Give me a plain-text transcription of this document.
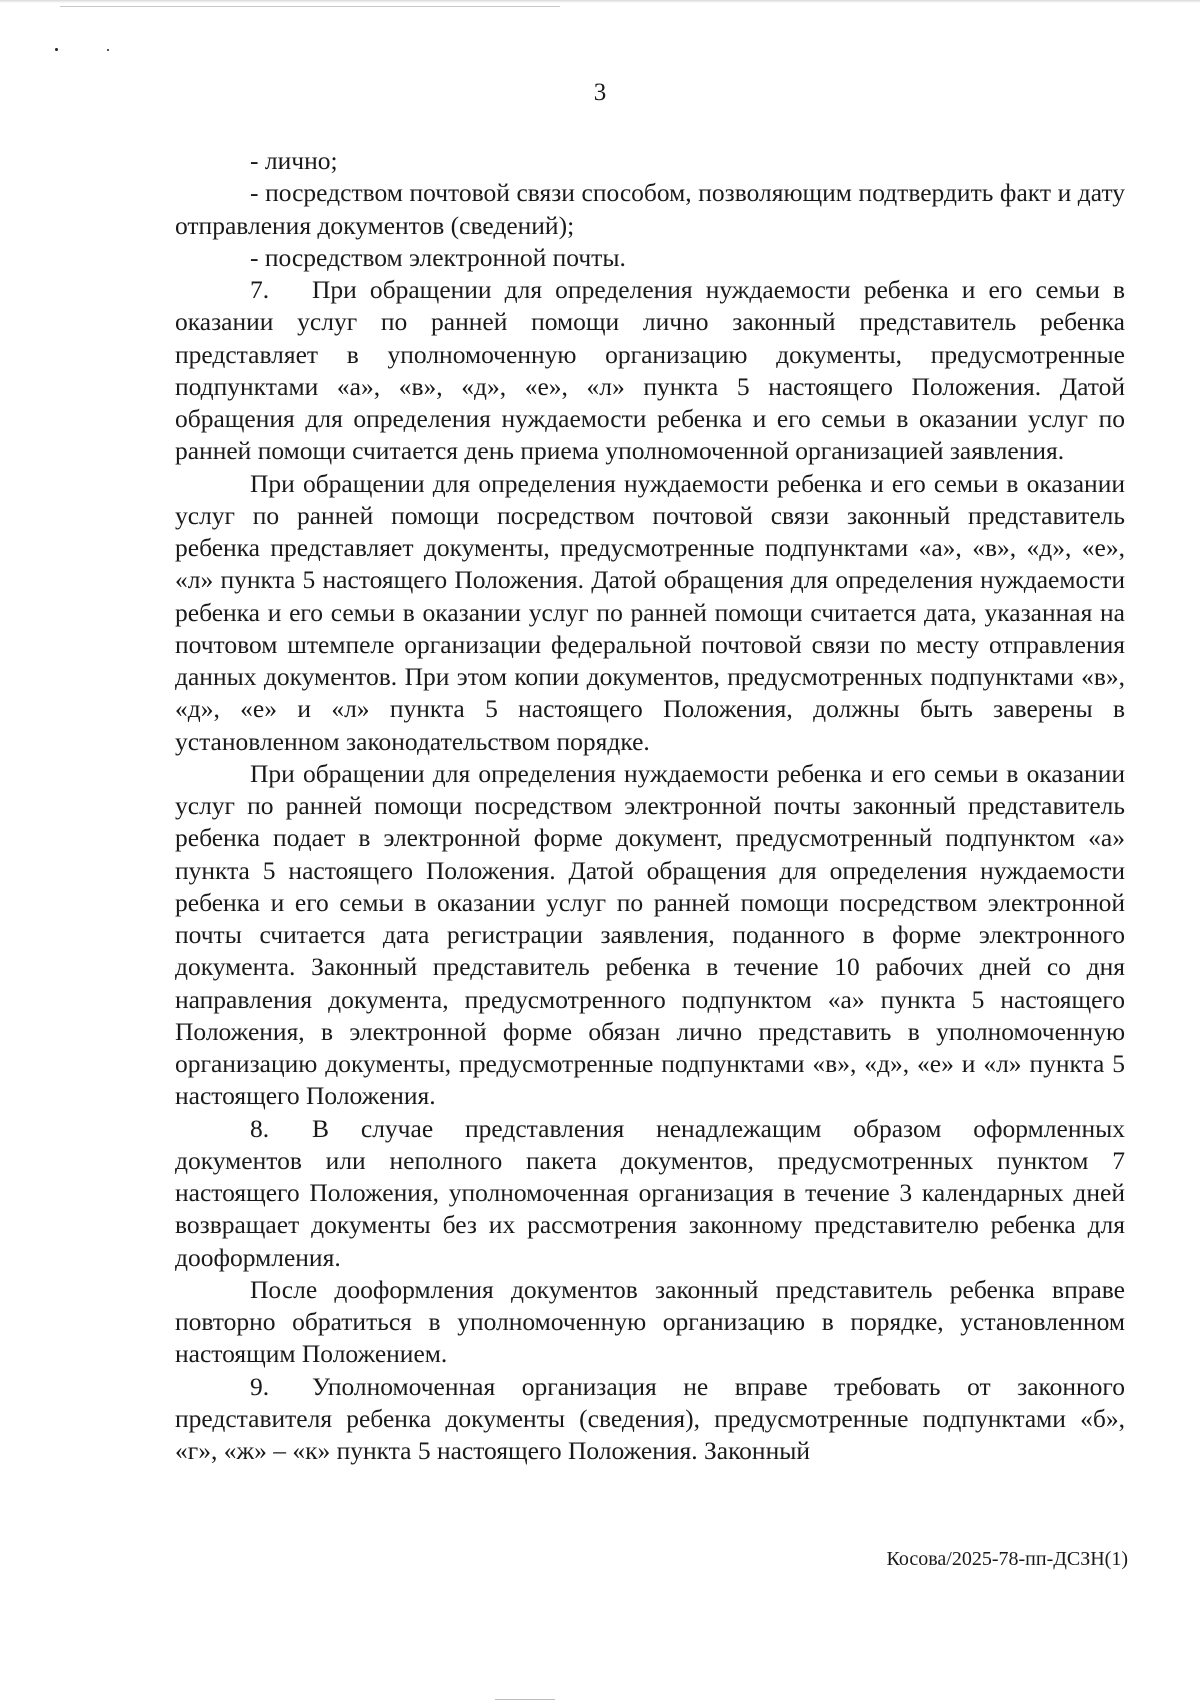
3

- лично;

- посредством почтовой связи способом, позволяющим подтвердить факт и дату отправления документов (сведений);

- посредством электронной почты.

7. При обращении для определения нуждаемости ребенка и его семьи в оказании услуг по ранней помощи лично законный представитель ребенка представляет в уполномоченную организацию документы, предусмотренные подпунктами «а», «в», «д», «е», «л» пункта 5 настоящего Положения. Датой обращения для определения нуждаемости ребенка и его семьи в оказании услуг по ранней помощи считается день приема уполномоченной организацией заявления.

При обращении для определения нуждаемости ребенка и его семьи в оказании услуг по ранней помощи посредством почтовой связи законный представитель ребенка представляет документы, предусмотренные подпунктами «а», «в», «д», «е», «л» пункта 5 настоящего Положения. Датой обращения для определения нуждаемости ребенка и его семьи в оказании услуг по ранней помощи считается дата, указанная на почтовом штемпеле организации федеральной почтовой связи по месту отправления данных документов. При этом копии документов, предусмотренных подпунктами «в», «д», «е» и «л» пункта 5 настоящего Положения, должны быть заверены в установленном законодательством порядке.

При обращении для определения нуждаемости ребенка и его семьи в оказании услуг по ранней помощи посредством электронной почты законный представитель ребенка подает в электронной форме документ, предусмотренный подпунктом «а» пункта 5 настоящего Положения. Датой обращения для определения нуждаемости ребенка и его семьи в оказании услуг по ранней помощи посредством электронной почты считается дата регистрации заявления, поданного в форме электронного документа. Законный представитель ребенка в течение 10 рабочих дней со дня направления документа, предусмотренного подпунктом «а» пункта 5 настоящего Положения, в электронной форме обязан лично представить в уполномоченную организацию документы, предусмотренные подпунктами «в», «д», «е» и «л» пункта 5 настоящего Положения.

8. В случае представления ненадлежащим образом оформленных документов или неполного пакета документов, предусмотренных пунктом 7 настоящего Положения, уполномоченная организация в течение 3 календарных дней возвращает документы без их рассмотрения законному представителю ребенка для дооформления.

После дооформления документов законный представитель ребенка вправе повторно обратиться в уполномоченную организацию в порядке, установленном настоящим Положением.

9. Уполномоченная организация не вправе требовать от законного представителя ребенка документы (сведения), предусмотренные подпунктами «б», «г», «ж» – «к» пункта 5 настоящего Положения. Законный

Косова/2025-78-пп-ДСЗН(1)
